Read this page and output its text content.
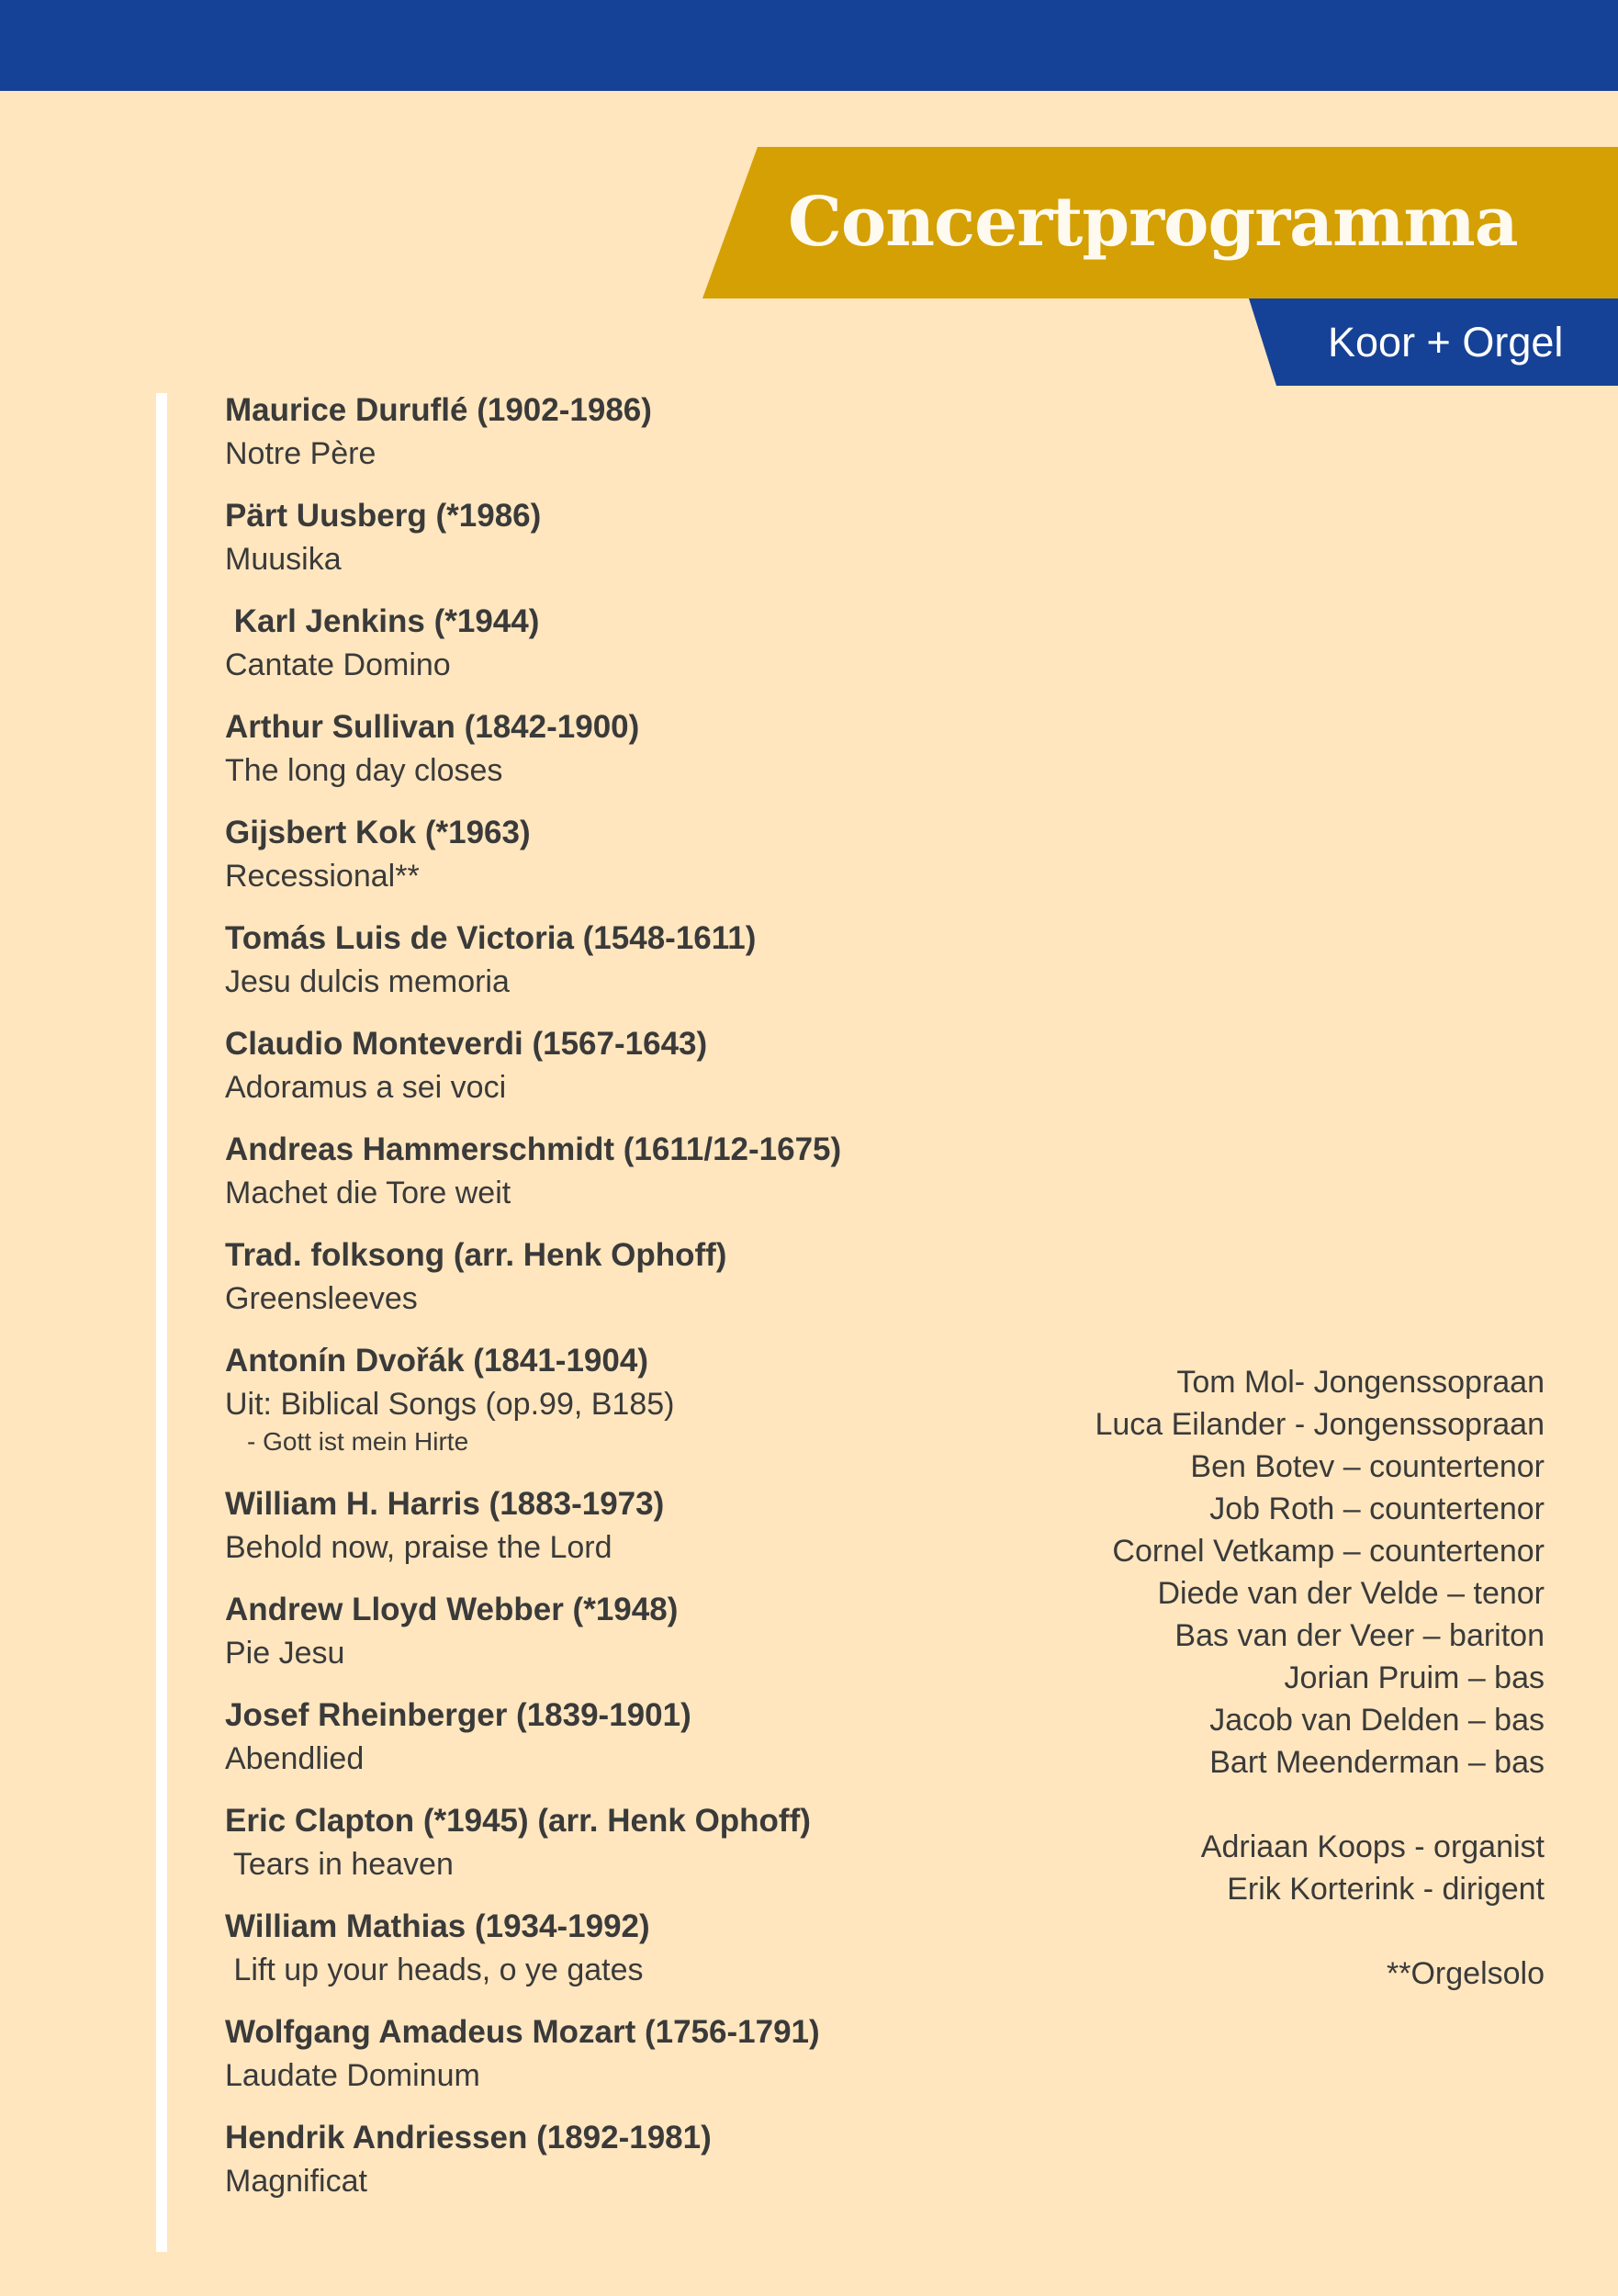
Concertprogramma
Koor + Orgel
Maurice Duruflé (1902-1986)
Notre Père
Pärt Uusberg (*1986)
Muusika
Karl Jenkins (*1944)
Cantate Domino
Arthur Sullivan (1842-1900)
The long day closes
Gijsbert Kok (*1963)
Recessional**
Tomás Luis de Victoria (1548-1611)
Jesu dulcis memoria
Claudio Monteverdi (1567-1643)
Adoramus a sei voci
Andreas Hammerschmidt (1611/12-1675)
Machet die Tore weit
Trad. folksong (arr. Henk Ophoff)
Greensleeves
Antonín Dvořák (1841-1904)
Uit: Biblical Songs (op.99, B185)
- Gott ist mein Hirte
William H. Harris (1883-1973)
Behold now, praise the Lord
Andrew Lloyd Webber (*1948)
Pie Jesu
Josef Rheinberger (1839-1901)
Abendlied
Eric Clapton (*1945) (arr. Henk Ophoff)
Tears in heaven
William Mathias (1934-1992)
Lift up your heads, o ye gates
Wolfgang Amadeus Mozart (1756-1791)
Laudate Dominum
Hendrik Andriessen (1892-1981)
Magnificat
Tom Mol- Jongenssopraan
Luca Eilander - Jongenssopraan
Ben Botev – countertenor
Job Roth – countertenor
Cornel Vetkamp – countertenor
Diede van der Velde – tenor
Bas van der Veer – bariton
Jorian Pruim – bas
Jacob van Delden – bas
Bart Meenderman – bas
Adriaan Koops - organist
Erik Korterink - dirigent
**Orgelsolo
